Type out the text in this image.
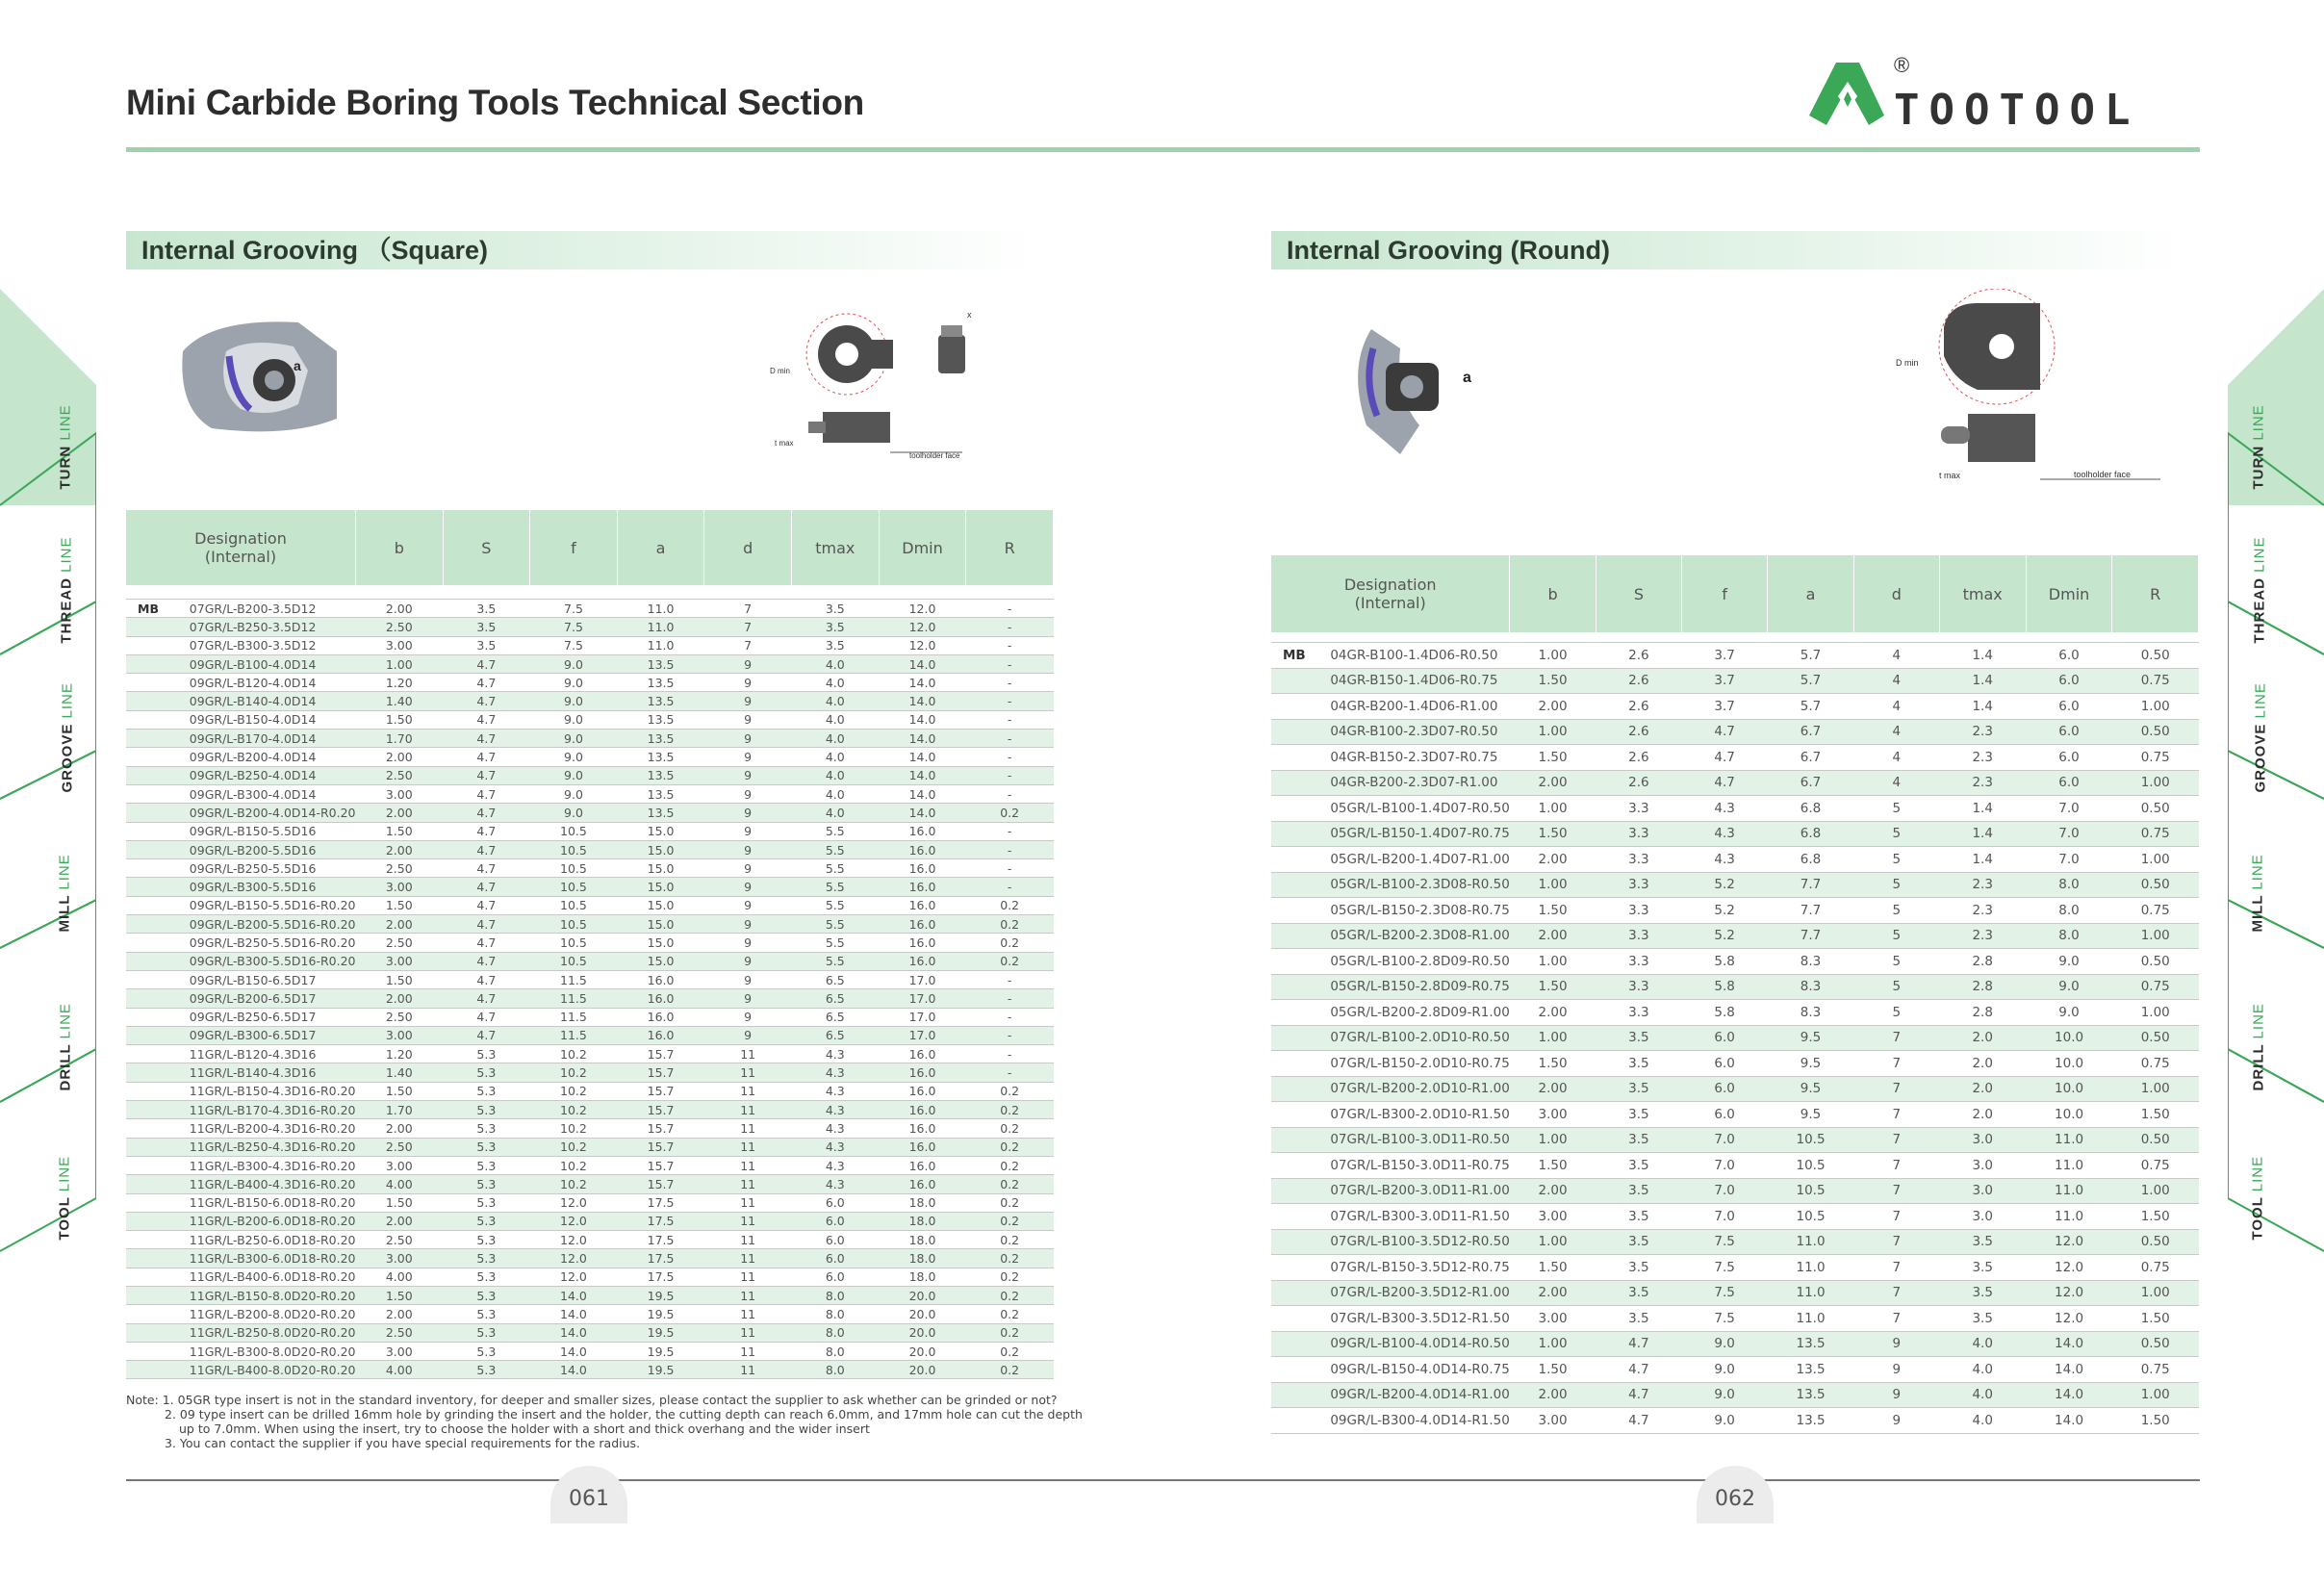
Mini Carbide Boring Tools Technical Section	TOOTOOL
®
TURN LINE
THREAD LINE
GROOVE LINE
MILL LINE
DRILL LINE
TOOL LINE
TURN LINE
THREAD LINE
GROOVE LINE
MILL LINE
DRILL LINE
TOOL LINE
Internal Grooving （Square)	Internal Grooving (Round)
a	D min
t max
toolholder face
x
a
D min
t max	toolholder face
Designation
(Internal)		b	S	f	a	d	tmax	Dmin	R

MB	07GR/L-B200-3.5D12	2.00	3.5	7.5	11.0	7	3.5	12.0	-
	07GR/L-B250-3.5D12	2.50	3.5	7.5	11.0	7	3.5	12.0	-
	07GR/L-B300-3.5D12	3.00	3.5	7.5	11.0	7	3.5	12.0	-
	09GR/L-B100-4.0D14	1.00	4.7	9.0	13.5	9	4.0	14.0	-
	09GR/L-B120-4.0D14	1.20	4.7	9.0	13.5	9	4.0	14.0	-
	09GR/L-B140-4.0D14	1.40	4.7	9.0	13.5	9	4.0	14.0	-
	09GR/L-B150-4.0D14	1.50	4.7	9.0	13.5	9	4.0	14.0	-
	09GR/L-B170-4.0D14	1.70	4.7	9.0	13.5	9	4.0	14.0	-
	09GR/L-B200-4.0D14	2.00	4.7	9.0	13.5	9	4.0	14.0	-
	09GR/L-B250-4.0D14	2.50	4.7	9.0	13.5	9	4.0	14.0	-
	09GR/L-B300-4.0D14	3.00	4.7	9.0	13.5	9	4.0	14.0	-
	09GR/L-B200-4.0D14-R0.20	2.00	4.7	9.0	13.5	9	4.0	14.0	0.2
	09GR/L-B150-5.5D16	1.50	4.7	10.5	15.0	9	5.5	16.0	-
	09GR/L-B200-5.5D16	2.00	4.7	10.5	15.0	9	5.5	16.0	-
	09GR/L-B250-5.5D16	2.50	4.7	10.5	15.0	9	5.5	16.0	-
	09GR/L-B300-5.5D16	3.00	4.7	10.5	15.0	9	5.5	16.0	-
	09GR/L-B150-5.5D16-R0.20	1.50	4.7	10.5	15.0	9	5.5	16.0	0.2
	09GR/L-B200-5.5D16-R0.20	2.00	4.7	10.5	15.0	9	5.5	16.0	0.2
	09GR/L-B250-5.5D16-R0.20	2.50	4.7	10.5	15.0	9	5.5	16.0	0.2
	09GR/L-B300-5.5D16-R0.20	3.00	4.7	10.5	15.0	9	5.5	16.0	0.2
	09GR/L-B150-6.5D17	1.50	4.7	11.5	16.0	9	6.5	17.0	-
	09GR/L-B200-6.5D17	2.00	4.7	11.5	16.0	9	6.5	17.0	-
	09GR/L-B250-6.5D17	2.50	4.7	11.5	16.0	9	6.5	17.0	-
	09GR/L-B300-6.5D17	3.00	4.7	11.5	16.0	9	6.5	17.0	-
	11GR/L-B120-4.3D16	1.20	5.3	10.2	15.7	11	4.3	16.0	-
	11GR/L-B140-4.3D16	1.40	5.3	10.2	15.7	11	4.3	16.0	-
	11GR/L-B150-4.3D16-R0.20	1.50	5.3	10.2	15.7	11	4.3	16.0	0.2
	11GR/L-B170-4.3D16-R0.20	1.70	5.3	10.2	15.7	11	4.3	16.0	0.2
	11GR/L-B200-4.3D16-R0.20	2.00	5.3	10.2	15.7	11	4.3	16.0	0.2
	11GR/L-B250-4.3D16-R0.20	2.50	5.3	10.2	15.7	11	4.3	16.0	0.2
	11GR/L-B300-4.3D16-R0.20	3.00	5.3	10.2	15.7	11	4.3	16.0	0.2
	11GR/L-B400-4.3D16-R0.20	4.00	5.3	10.2	15.7	11	4.3	16.0	0.2
	11GR/L-B150-6.0D18-R0.20	1.50	5.3	12.0	17.5	11	6.0	18.0	0.2
	11GR/L-B200-6.0D18-R0.20	2.00	5.3	12.0	17.5	11	6.0	18.0	0.2
	11GR/L-B250-6.0D18-R0.20	2.50	5.3	12.0	17.5	11	6.0	18.0	0.2
	11GR/L-B300-6.0D18-R0.20	3.00	5.3	12.0	17.5	11	6.0	18.0	0.2
	11GR/L-B400-6.0D18-R0.20	4.00	5.3	12.0	17.5	11	6.0	18.0	0.2
	11GR/L-B150-8.0D20-R0.20	1.50	5.3	14.0	19.5	11	8.0	20.0	0.2
	11GR/L-B200-8.0D20-R0.20	2.00	5.3	14.0	19.5	11	8.0	20.0	0.2
	11GR/L-B250-8.0D20-R0.20	2.50	5.3	14.0	19.5	11	8.0	20.0	0.2
	11GR/L-B300-8.0D20-R0.20	3.00	5.3	14.0	19.5	11	8.0	20.0	0.2
	11GR/L-B400-8.0D20-R0.20	4.00	5.3	14.0	19.5	11	8.0	20.0	0.2
Designation
(Internal)		b	S	f	a	d	tmax	Dmin	R

MB	04GR-B100-1.4D06-R0.50	1.00	2.6	3.7	5.7	4	1.4	6.0	0.50
	04GR-B150-1.4D06-R0.75	1.50	2.6	3.7	5.7	4	1.4	6.0	0.75
	04GR-B200-1.4D06-R1.00	2.00	2.6	3.7	5.7	4	1.4	6.0	1.00
	04GR-B100-2.3D07-R0.50	1.00	2.6	4.7	6.7	4	2.3	6.0	0.50
	04GR-B150-2.3D07-R0.75	1.50	2.6	4.7	6.7	4	2.3	6.0	0.75
	04GR-B200-2.3D07-R1.00	2.00	2.6	4.7	6.7	4	2.3	6.0	1.00
	05GR/L-B100-1.4D07-R0.50	1.00	3.3	4.3	6.8	5	1.4	7.0	0.50
	05GR/L-B150-1.4D07-R0.75	1.50	3.3	4.3	6.8	5	1.4	7.0	0.75
	05GR/L-B200-1.4D07-R1.00	2.00	3.3	4.3	6.8	5	1.4	7.0	1.00
	05GR/L-B100-2.3D08-R0.50	1.00	3.3	5.2	7.7	5	2.3	8.0	0.50
	05GR/L-B150-2.3D08-R0.75	1.50	3.3	5.2	7.7	5	2.3	8.0	0.75
	05GR/L-B200-2.3D08-R1.00	2.00	3.3	5.2	7.7	5	2.3	8.0	1.00
	05GR/L-B100-2.8D09-R0.50	1.00	3.3	5.8	8.3	5	2.8	9.0	0.50
	05GR/L-B150-2.8D09-R0.75	1.50	3.3	5.8	8.3	5	2.8	9.0	0.75
	05GR/L-B200-2.8D09-R1.00	2.00	3.3	5.8	8.3	5	2.8	9.0	1.00
	07GR/L-B100-2.0D10-R0.50	1.00	3.5	6.0	9.5	7	2.0	10.0	0.50
	07GR/L-B150-2.0D10-R0.75	1.50	3.5	6.0	9.5	7	2.0	10.0	0.75
	07GR/L-B200-2.0D10-R1.00	2.00	3.5	6.0	9.5	7	2.0	10.0	1.00
	07GR/L-B300-2.0D10-R1.50	3.00	3.5	6.0	9.5	7	2.0	10.0	1.50
	07GR/L-B100-3.0D11-R0.50	1.00	3.5	7.0	10.5	7	3.0	11.0	0.50
	07GR/L-B150-3.0D11-R0.75	1.50	3.5	7.0	10.5	7	3.0	11.0	0.75
	07GR/L-B200-3.0D11-R1.00	2.00	3.5	7.0	10.5	7	3.0	11.0	1.00
	07GR/L-B300-3.0D11-R1.50	3.00	3.5	7.0	10.5	7	3.0	11.0	1.50
	07GR/L-B100-3.5D12-R0.50	1.00	3.5	7.5	11.0	7	3.5	12.0	0.50
	07GR/L-B150-3.5D12-R0.75	1.50	3.5	7.5	11.0	7	3.5	12.0	0.75
	07GR/L-B200-3.5D12-R1.00	2.00	3.5	7.5	11.0	7	3.5	12.0	1.00
	07GR/L-B300-3.5D12-R1.50	3.00	3.5	7.5	11.0	7	3.5	12.0	1.50
	09GR/L-B100-4.0D14-R0.50	1.00	4.7	9.0	13.5	9	4.0	14.0	0.50
	09GR/L-B150-4.0D14-R0.75	1.50	4.7	9.0	13.5	9	4.0	14.0	0.75
	09GR/L-B200-4.0D14-R1.00	2.00	4.7	9.0	13.5	9	4.0	14.0	1.00
	09GR/L-B300-4.0D14-R1.50	3.00	4.7	9.0	13.5	9	4.0	14.0	1.50
Note: 1. 05GR type insert is not in the standard inventory, for deeper and smaller sizes, please contact the supplier to ask whether can be grinded or not?
2. 09 type insert can be drilled 16mm hole by grinding the insert and the holder, the cutting depth can reach 6.0mm, and 17mm hole can cut the depth
up to 7.0mm. When using the insert, try to choose the holder with a short and thick overhang and the wider insert
3. You can contact the supplier if you have special requirements for the radius.
061	062
